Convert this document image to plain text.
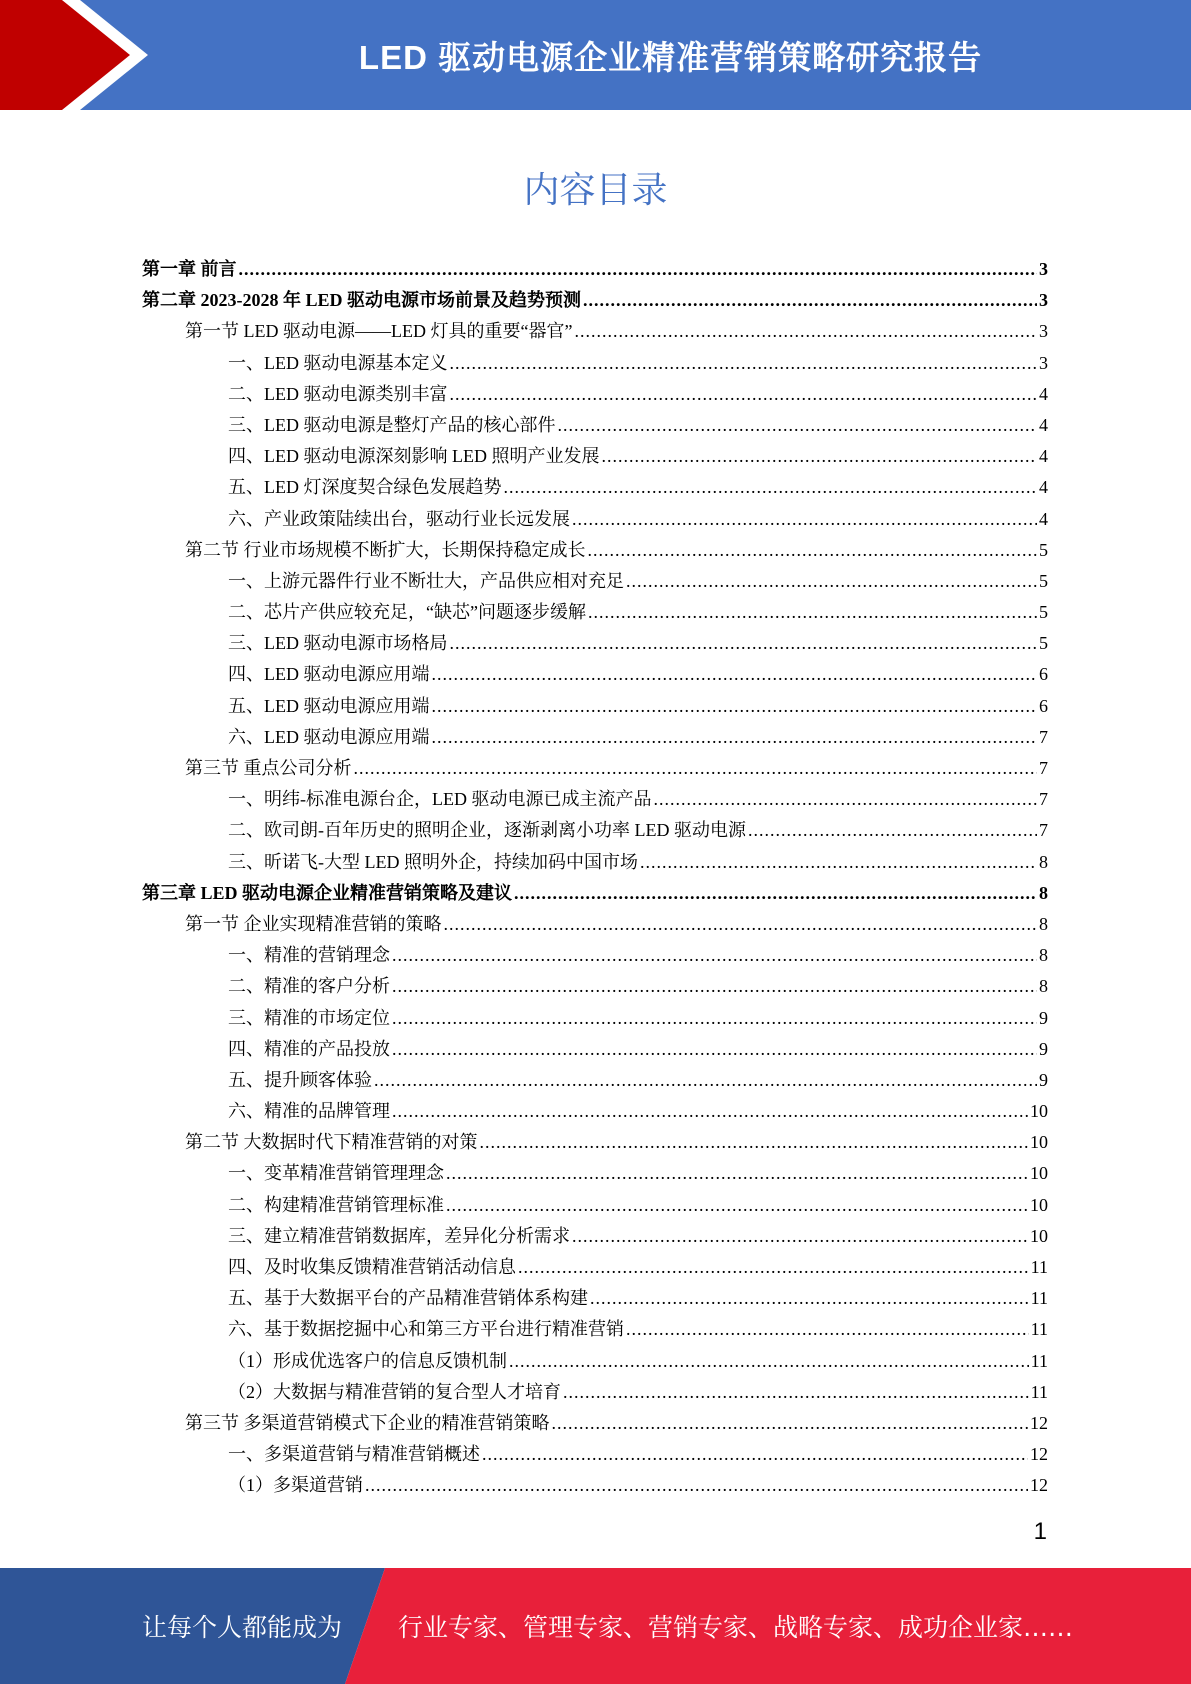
LED 驱动电源企业精准营销策略研究报告
内容目录
第一章 前言 .....	3
第二章 2023-2028 年 LED 驱动电源市场前景及趋势预测 .....	3
第一节 LED 驱动电源——LED 灯具的重要“器官” .....	3
一、LED 驱动电源基本定义 .....	3
二、LED 驱动电源类别丰富 .....	4
三、LED 驱动电源是整灯产品的核心部件 .....	4
四、LED 驱动电源深刻影响 LED 照明产业发展 .....	4
五、LED 灯深度契合绿色发展趋势 .....	4
六、产业政策陆续出台，驱动行业长远发展 .....	4
第二节 行业市场规模不断扩大，长期保持稳定成长 .....	5
一、上游元器件行业不断壮大，产品供应相对充足 .....	5
二、芯片产供应较充足，“缺芯”问题逐步缓解 .....	5
三、LED 驱动电源市场格局 .....	5
四、LED 驱动电源应用端 .....	6
五、LED 驱动电源应用端 .....	6
六、LED 驱动电源应用端 .....	7
第三节 重点公司分析 .....	7
一、明纬-标准电源台企，LED 驱动电源已成主流产品 .....	7
二、欧司朗-百年历史的照明企业，逐渐剥离小功率 LED 驱动电源 .....	7
三、昕诺飞-大型 LED 照明外企，持续加码中国市场 .....	8
第三章 LED 驱动电源企业精准营销策略及建议 .....	8
第一节 企业实现精准营销的策略 .....	8
一、精准的营销理念 .....	8
二、精准的客户分析 .....	8
三、精准的市场定位 .....	9
四、精准的产品投放 .....	9
五、提升顾客体验 .....	9
六、精准的品牌管理 .....	10
第二节 大数据时代下精准营销的对策 .....	10
一、变革精准营销管理理念 .....	10
二、构建精准营销管理标准 .....	10
三、建立精准营销数据库，差异化分析需求 .....	10
四、及时收集反馈精准营销活动信息 .....	11
五、基于大数据平台的产品精准营销体系构建 .....	11
六、基于数据挖掘中心和第三方平台进行精准营销 .....	11
（1）形成优选客户的信息反馈机制 .....	11
（2）大数据与精准营销的复合型人才培育 .....	11
第三节 多渠道营销模式下企业的精准营销策略 .....	12
一、多渠道营销与精准营销概述 .....	12
（1）多渠道营销 .....	12
1
让每个人都能成为 行业专家、管理专家、营销专家、战略专家、成功企业家……
